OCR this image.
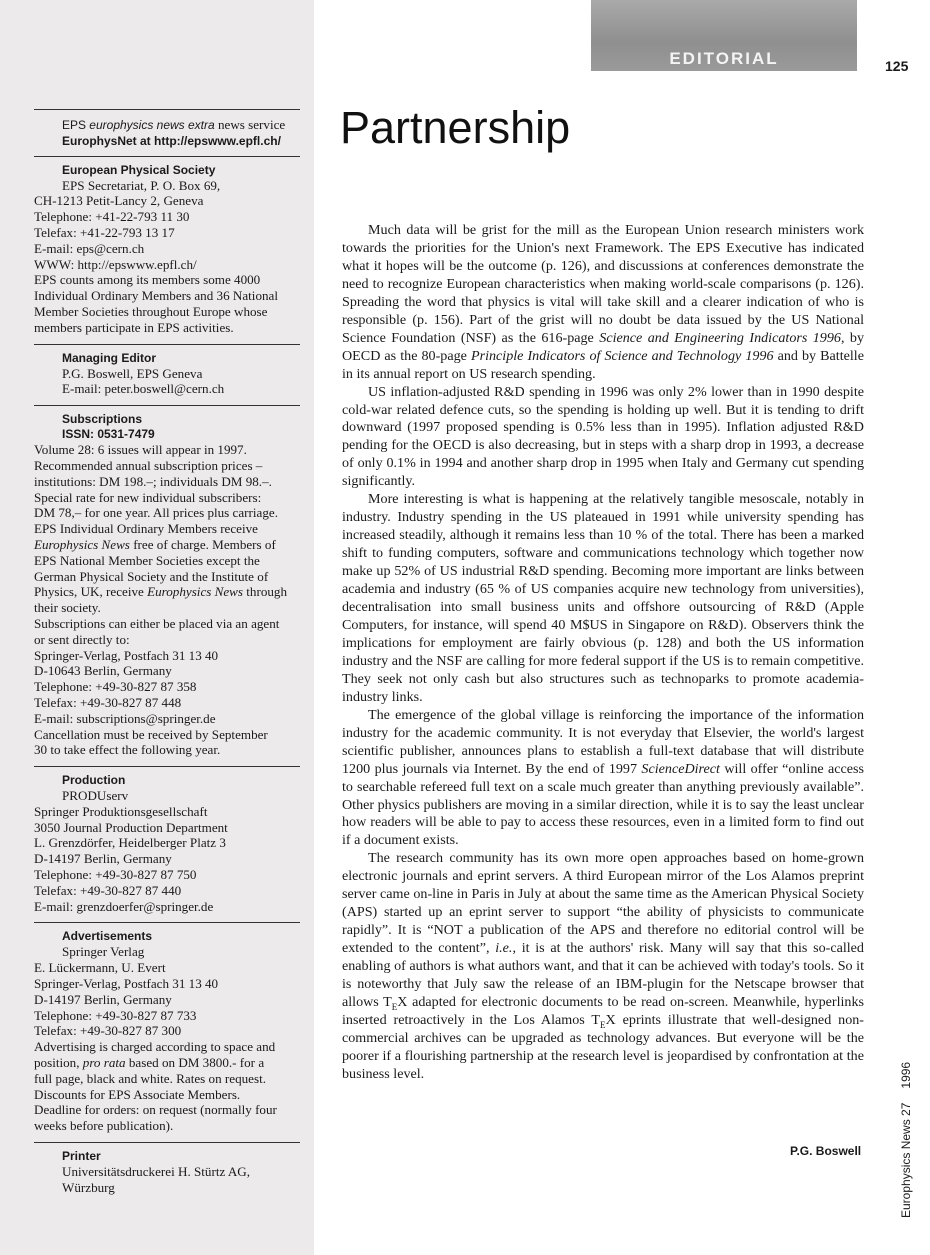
EPS europhysics news extra news service
EurophysNet at http://epswww.epfl.ch/
European Physical Society
EPS Secretariat, P. O. Box 69,
CH-1213 Petit-Lancy 2, Geneva
Telephone: +41-22-793 11 30
Telefax: +41-22-793 13 17
E-mail: eps@cern.ch
WWW: http://epswww.epfl.ch/
EPS counts among its members some 4000
Individual Ordinary Members and 36 National
Member Societies throughout Europe whose
members participate in EPS activities.
Managing Editor
P.G. Boswell, EPS Geneva
E-mail: peter.boswell@cern.ch
Subscriptions
ISSN: 0531-7479
Volume 28: 6 issues will appear in 1997.
Recommended annual subscription prices –
institutions: DM 198.–; individuals DM 98.–.
Special rate for new individual subscribers:
DM 78,– for one year. All prices plus carriage.
EPS Individual Ordinary Members receive
Europhysics News free of charge. Members of
EPS National Member Societies except the
German Physical Society and the Institute of
Physics, UK, receive Europhysics News through
their society.
Subscriptions can either be placed via an agent
or sent directly to:
Springer-Verlag, Postfach 31 13 40
D-10643 Berlin, Germany
Telephone: +49-30-827 87 358
Telefax: +49-30-827 87 448
E-mail: subscriptions@springer.de
Cancellation must be received by September
30 to take effect the following year.
Production
PRODUserv
Springer Produktionsgesellschaft
3050 Journal Production Department
L. Grenzdörfer, Heidelberger Platz 3
D-14197 Berlin, Germany
Telephone: +49-30-827 87 750
Telefax: +49-30-827 87 440
E-mail: grenzdoerfer@springer.de
Advertisements
Springer Verlag
E. Lückermann, U. Evert
Springer-Verlag, Postfach 31 13 40
D-14197 Berlin, Germany
Telephone: +49-30-827 87 733
Telefax: +49-30-827 87 300
Advertising is charged according to space and
position, pro rata based on DM 3800.- for a
full page, black and white. Rates on request.
Discounts for EPS Associate Members.
Deadline for orders: on request (normally four
weeks before publication).
Printer
Universitätsdruckerei H. Stürtz AG,
Würzburg
EDITORIAL	125
Partnership

Much data will be grist for the mill as the European Union research ministers work towards the priorities for the Union's next Framework. The EPS Executive has indicated what it hopes will be the outcome (p. 126), and discussions at conferences demonstrate the need to recognize European characteristics when making world-scale comparisons (p. 126). Spreading the word that physics is vital will take skill and a clearer indication of who is responsible (p. 156). Part of the grist will no doubt be data issued by the US National Science Foundation (NSF) as the 616-page Science and Engineering Indicators 1996, by OECD as the 80-page Principle Indicators of Science and Technology 1996 and by Battelle in its annual report on US research spending.

US inflation-adjusted R&D spending in 1996 was only 2% lower than in 1990 despite cold-war related defence cuts, so the spending is holding up well. But it is tending to drift downward (1997 proposed spending is 0.5% less than in 1995). Inflation adjusted R&D pending for the OECD is also decreasing, but in steps with a sharp drop in 1993, a decrease of only 0.1% in 1994 and another sharp drop in 1995 when Italy and Germany cut spending significantly.

More interesting is what is happening at the relatively tangible mesoscale, notably in industry. Industry spending in the US plateaued in 1991 while university spending has increased steadily, although it remains less than 10 % of the total. There has been a marked shift to funding computers, software and communications technology which together now make up 52% of US industrial R&D spending. Becoming more important are links between academia and industry (65 % of US companies acquire new technology from universities), decentralisation into small business units and offshore outsourcing of R&D (Apple Computers, for instance, will spend 40 M$US in Singapore on R&D). Observers think the implications for employment are fairly obvious (p. 128) and both the US information industry and the NSF are calling for more federal support if the US is to remain competitive. They seek not only cash but also structures such as technoparks to promote academia-industry links.

The emergence of the global village is reinforcing the importance of the information industry for the academic community. It is not everyday that Elsevier, the world's largest scientific publisher, announces plans to establish a full-text database that will distribute 1200 plus journals via Internet. By the end of 1997 ScienceDirect will offer “online access to searchable refereed full text on a scale much greater than anything previously available”. Other physics publishers are moving in a similar direction, while it is to say the least unclear how readers will be able to pay to access these resources, even in a limited form to find out if a document exists.

The research community has its own more open approaches based on home-grown electronic journals and eprint servers. A third European mirror of the Los Alamos preprint server came on-line in Paris in July at about the same time as the American Physical Society (APS) started up an eprint server to support “the ability of physicists to communicate rapidly”. It is “NOT a publication of the APS and therefore no editorial control will be extended to the content”, i.e., it is at the authors' risk. Many will say that this so-called enabling of authors is what authors want, and that it can be achieved with today's tools. So it is noteworthy that July saw the release of an IBM-plugin for the Netscape browser that allows $T_EX$ adapted for electronic documents to be read on-screen. Meanwhile, hyperlinks inserted retroactively in the Los Alamos $T_EX$ eprints illustrate that well-designed non-commercial archives can be upgraded as technology advances. But everyone will be the poorer if a flourishing partnership at the research level is jeopardised by confrontation at the business level.

P.G. Boswell	Europhysics News 271996
